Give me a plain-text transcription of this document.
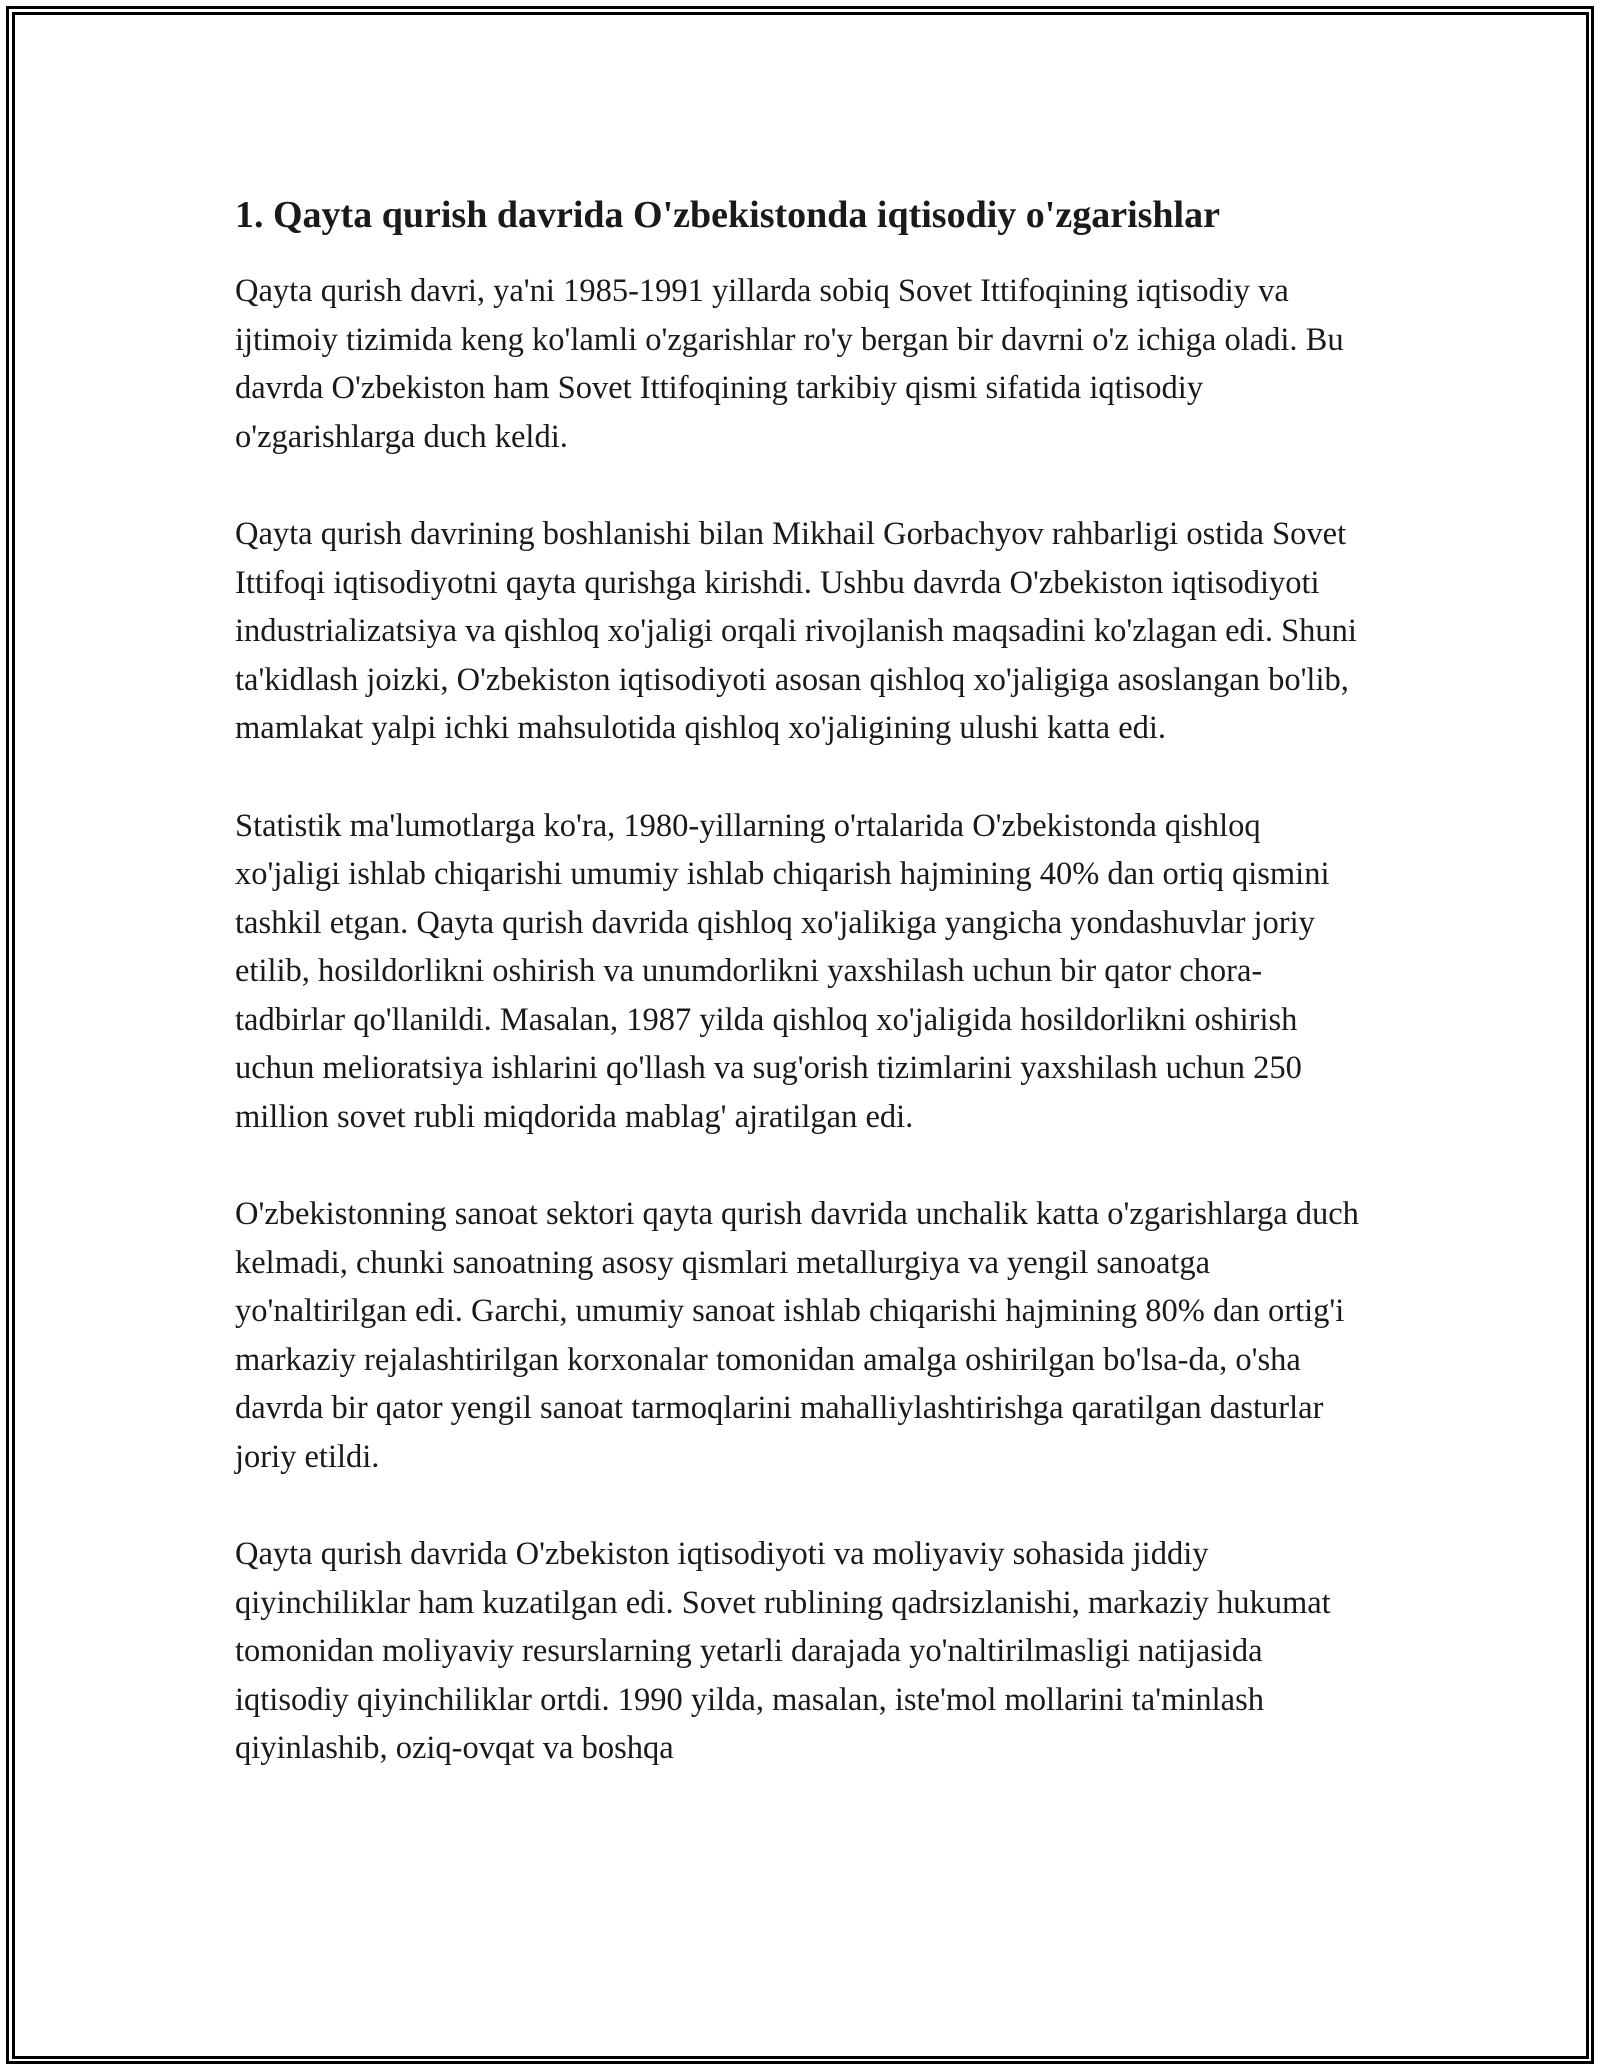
1. Qayta qurish davrida O'zbekistonda iqtisodiy o'zgarishlar

Qayta qurish davri, ya'ni 1985-1991 yillarda sobiq Sovet Ittifoqining iqtisodiy va ijtimoiy tizimida keng ko'lamli o'zgarishlar ro'y bergan bir davrni o'z ichiga oladi. Bu davrda O'zbekiston ham Sovet Ittifoqining tarkibiy qismi sifatida iqtisodiy o'zgarishlarga duch keldi.

Qayta qurish davrining boshlanishi bilan Mikhail Gorbachyov rahbarligi ostida Sovet Ittifoqi iqtisodiyotni qayta qurishga kirishdi. Ushbu davrda O'zbekiston iqtisodiyoti industrializatsiya va qishloq xo'jaligi orqali rivojlanish maqsadini ko'zlagan edi. Shuni ta'kidlash joizki, O'zbekiston iqtisodiyoti asosan qishloq xo'jaligiga asoslangan bo'lib, mamlakat yalpi ichki mahsulotida qishloq xo'jaligining ulushi katta edi.

Statistik ma'lumotlarga ko'ra, 1980-yillarning o'rtalarida O'zbekistonda qishloq xo'jaligi ishlab chiqarishi umumiy ishlab chiqarish hajmining 40% dan ortiq qismini tashkil etgan. Qayta qurish davrida qishloq xo'jalikiga yangicha yondashuvlar joriy etilib, hosildorlikni oshirish va unumdorlikni yaxshilash uchun bir qator chora-tadbirlar qo'llanildi. Masalan, 1987 yilda qishloq xo'jaligida hosildorlikni oshirish uchun melioratsiya ishlarini qo'llash va sug'orish tizimlarini yaxshilash uchun 250 million sovet rubli miqdorida mablag' ajratilgan edi.

O'zbekistonning sanoat sektori qayta qurish davrida unchalik katta o'zgarishlarga duch kelmadi, chunki sanoatning asosy qismlari metallurgiya va yengil sanoatga yo'naltirilgan edi. Garchi, umumiy sanoat ishlab chiqarishi hajmining 80% dan ortig'i markaziy rejalashtirilgan korxonalar tomonidan amalga oshirilgan bo'lsa-da, o'sha davrda bir qator yengil sanoat tarmoqlarini mahalliylashtirishga qaratilgan dasturlar joriy etildi.

Qayta qurish davrida O'zbekiston iqtisodiyoti va moliyaviy sohasida jiddiy qiyinchiliklar ham kuzatilgan edi. Sovet rublining qadrsizlanishi, markaziy hukumat tomonidan moliyaviy resurslarning yetarli darajada yo'naltirilmasligi natijasida iqtisodiy qiyinchiliklar ortdi. 1990 yilda, masalan, iste'mol mollarini ta'minlash qiyinlashib, oziq-ovqat va boshqa
